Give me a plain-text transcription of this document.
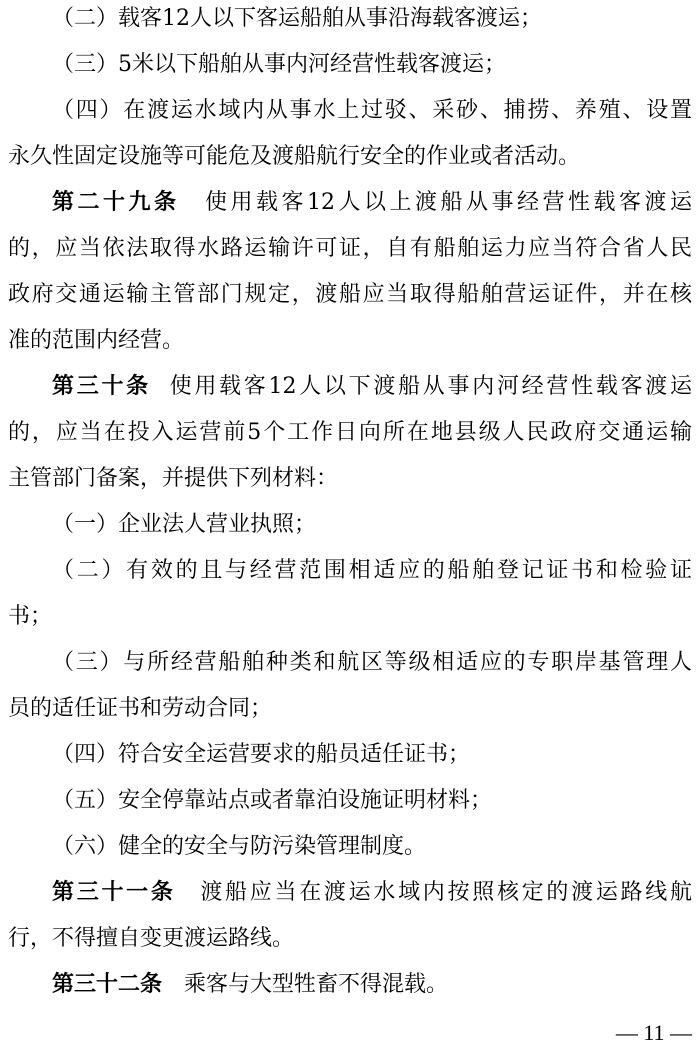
（二）载客12人以下客运船舶从事沿海载客渡运；
（三）5米以下船舶从事内河经营性载客渡运；
（四）在渡运水域内从事水上过驳、采砂、捕捞、养殖、设置
永久性固定设施等可能危及渡船航行安全的作业或者活动。
第二十九条 使用载客12人以上渡船从事经营性载客渡运
的，应当依法取得水路运输许可证，自有船舶运力应当符合省人民
政府交通运输主管部门规定，渡船应当取得船舶营运证件，并在核
准的范围内经营。
第三十条 使用载客12人以下渡船从事内河经营性载客渡运
的，应当在投入运营前5个工作日向所在地县级人民政府交通运输
主管部门备案，并提供下列材料：
（一）企业法人营业执照；
（二）有效的且与经营范围相适应的船舶登记证书和检验证
书；
（三）与所经营船舶种类和航区等级相适应的专职岸基管理人
员的适任证书和劳动合同；
（四）符合安全运营要求的船员适任证书；
（五）安全停靠站点或者靠泊设施证明材料；
（六）健全的安全与防污染管理制度。
第三十一条 渡船应当在渡运水域内按照核定的渡运路线航
行，不得擅自变更渡运路线。
第三十二条 乘客与大型牲畜不得混载。
— 11 —
